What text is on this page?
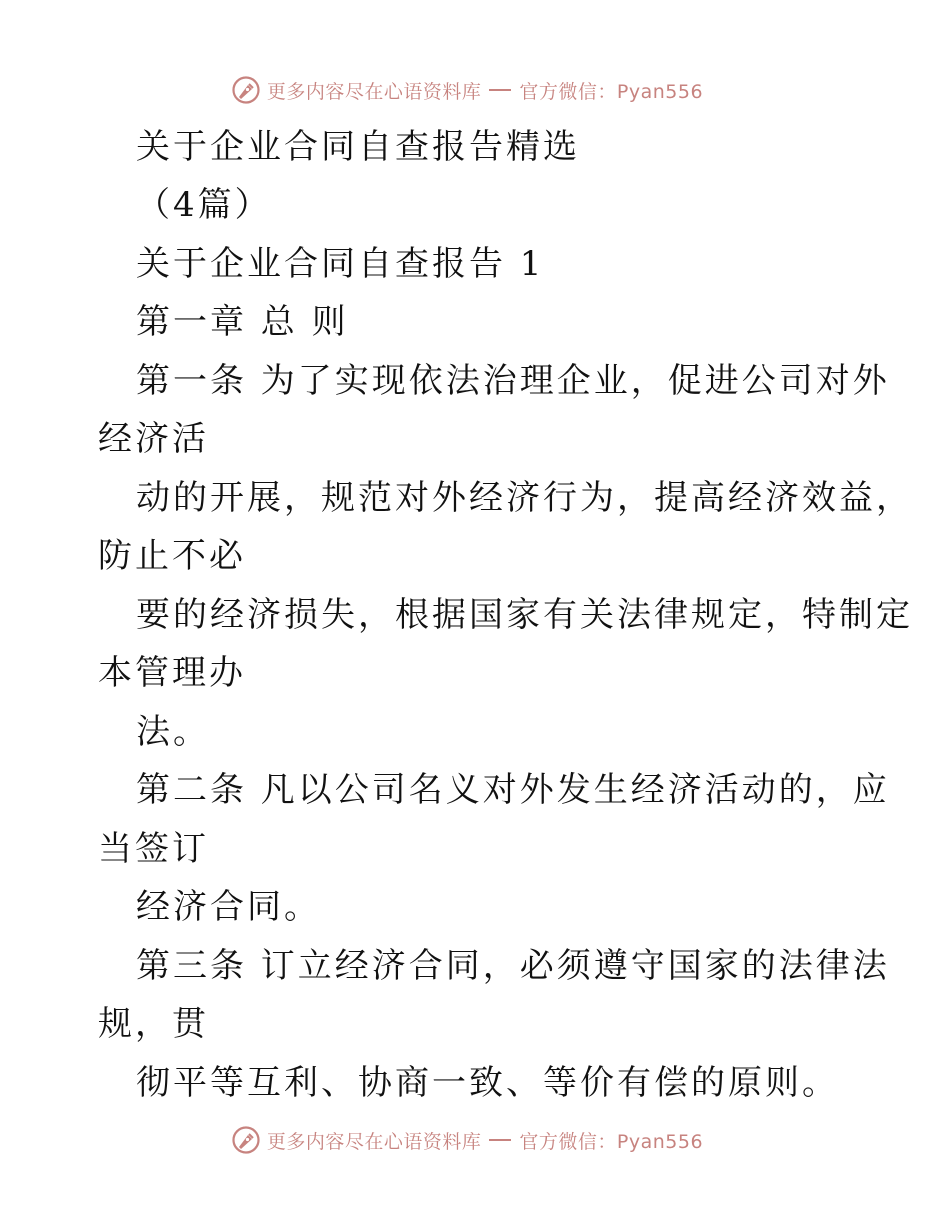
更多内容尽在心语资料库 官方微信：Pyan556
关于企业合同自查报告精选
（4篇）
关于企业合同自查报告 1
第一章 总 则
第一条 为了实现依法治理企业，促进公司对外
经济活
动的开展，规范对外经济行为，提高经济效益，
防止不必
要的经济损失，根据国家有关法律规定，特制定
本管理办
法。
第二条 凡以公司名义对外发生经济活动的，应
当签订
经济合同。
第三条 订立经济合同，必须遵守国家的法律法
规，贯
彻平等互利、协商一致、等价有偿的原则。
更多内容尽在心语资料库 官方微信：Pyan556
